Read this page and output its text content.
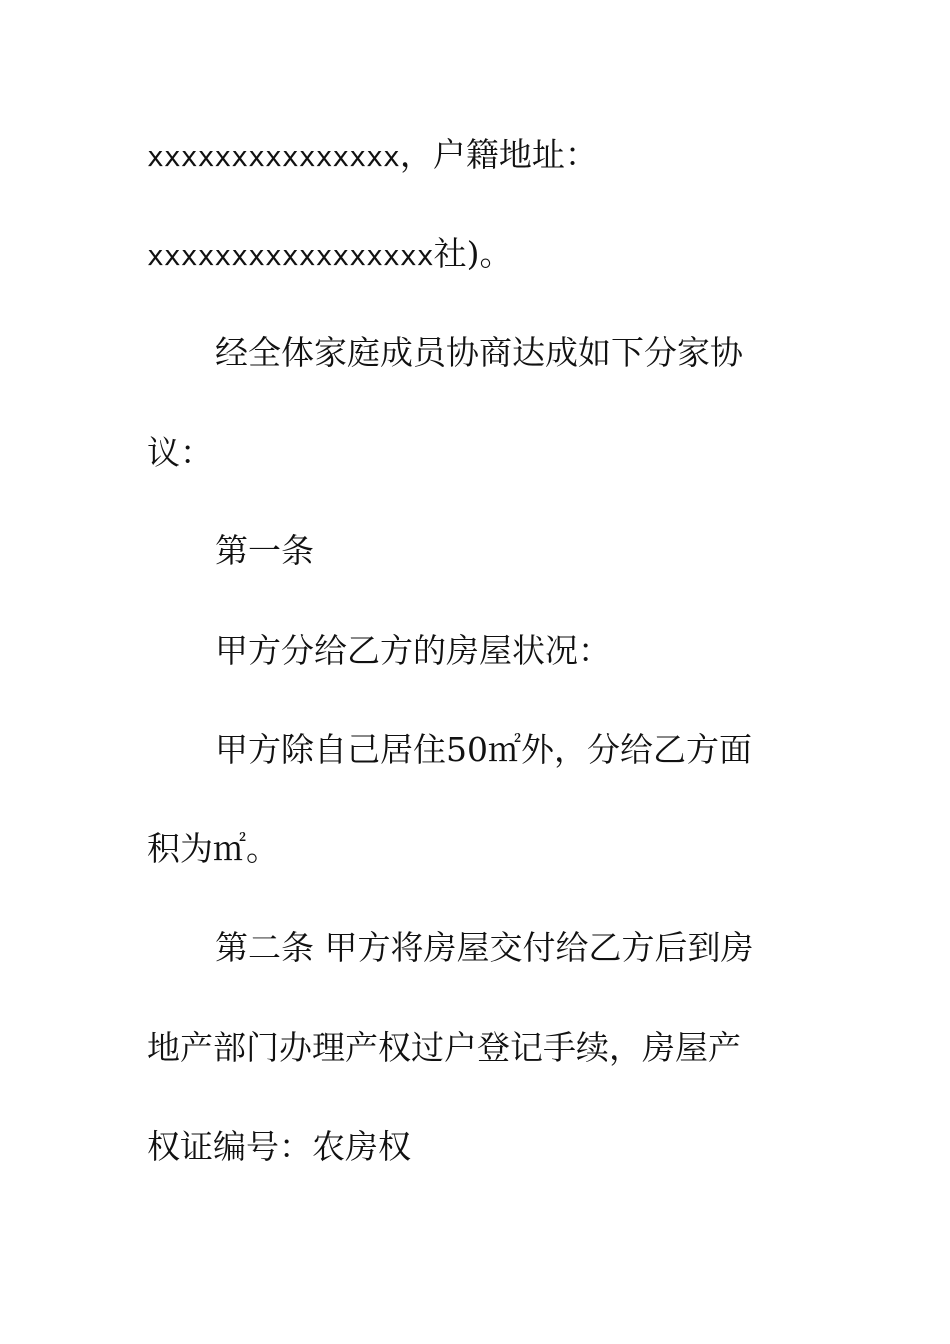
xxxxxxxxxxxxxxx，户籍地址：
xxxxxxxxxxxxxxxxx社)。
经全体家庭成员协商达成如下分家协
议：
第一条
甲方分给乙方的房屋状况：
甲方除自己居住50㎡外，分给乙方面
积为㎡。
第二条 甲方将房屋交付给乙方后到房
地产部门办理产权过户登记手续，房屋产
权证编号：农房权
